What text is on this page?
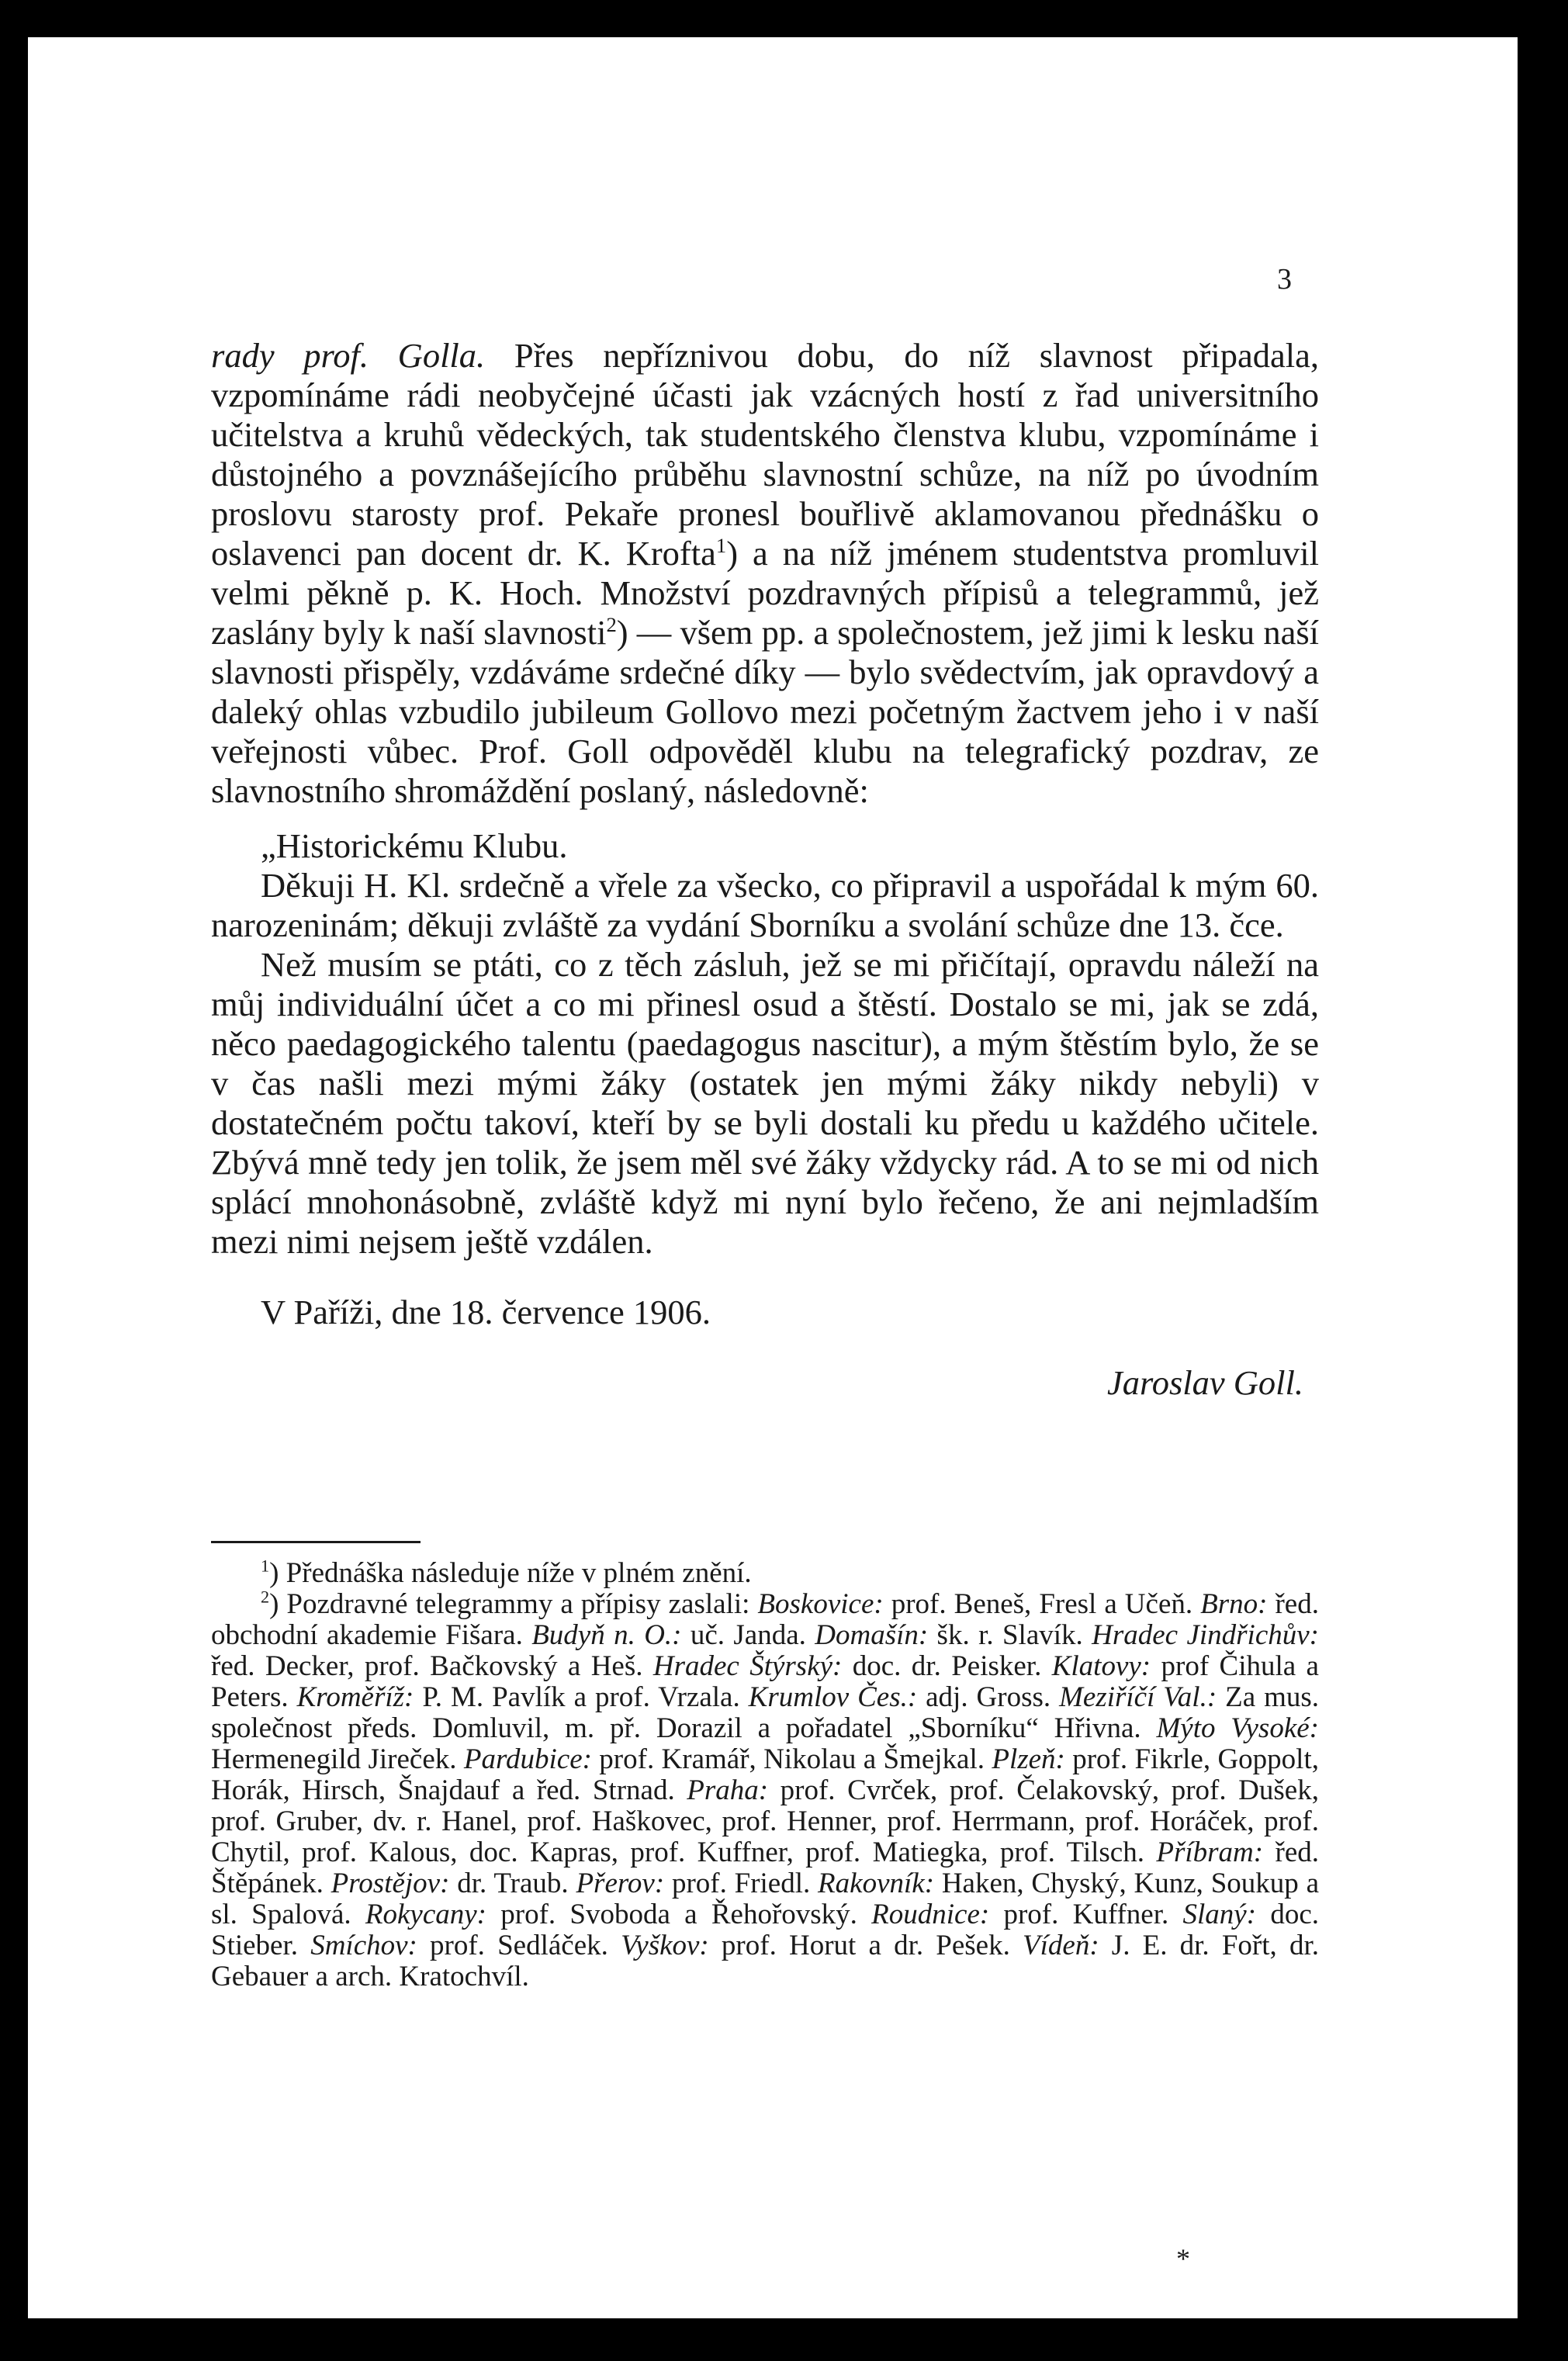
3

rady prof. Golla. Přes nepříznivou dobu, do níž slavnost připadala, vzpomínáme rádi neobyčejné účasti jak vzácných hostí z řad universitního učitelstva a kruhů vědeckých, tak studentského členstva klubu, vzpomínáme i důstojného a povznášejícího průběhu slavnostní schůze, na níž po úvodním proslovu starosty prof. Pekaře pronesl bouřlivě aklamovanou přednášku o oslavenci pan docent dr. K. Krofta$^1$) a na níž jménem studentstva promluvil velmi pěkně p. K. Hoch. Množství pozdravných přípisů a telegrammů, jež zaslány byly k naší slavnosti$^2$) — všem pp. a společnostem, jež jimi k lesku naší slavnosti přispěly, vzdáváme srdečné díky — bylo svědectvím, jak opravdový a daleký ohlas vzbudilo jubileum Gollovo mezi početným žactvem jeho i v naší veřejnosti vůbec. Prof. Goll odpověděl klubu na telegrafický pozdrav, ze slavnostního shromáždění poslaný, následovně:

„Historickému Klubu.

Děkuji H. Kl. srdečně a vřele za všecko, co připravil a uspořádal k mým 60. narozeninám; děkuji zvláště za vydání Sborníku a svolání schůze dne 13. čce.

Než musím se ptáti, co z těch zásluh, jež se mi přičítají, opravdu náleží na můj individuální účet a co mi přinesl osud a štěstí. Dostalo se mi, jak se zdá, něco paedagogického talentu (paedagogus nascitur), a mým štěstím bylo, že se v čas našli mezi mými žáky (ostatek jen mými žáky nikdy nebyli) v dostatečném počtu takoví, kteří by se byli dostali ku předu u každého učitele. Zbývá mně tedy jen tolik, že jsem měl své žáky vždycky rád. A to se mi od nich splácí mnohonásobně, zvláště když mi nyní bylo řečeno, že ani nejmladším mezi nimi nejsem ještě vzdálen.

V Paříži, dne 18. července 1906.

Jaroslav Goll.

$^1$) Přednáška následuje níže v plném znění.

$^2$) Pozdravné telegrammy a přípisy zaslali: Boskovice: prof. Beneš, Fresl a Učeň. Brno: řed. obchodní akademie Fišara. Budyň n. O.: uč. Janda. Domašín: šk. r. Slavík. Hradec Jindřichův: řed. Decker, prof. Bačkovský a Heš. Hradec Štýrský: doc. dr. Peisker. Klatovy: prof Čihula a Peters. Kroměříž: P. M. Pavlík a prof. Vrzala. Krumlov Čes.: adj. Gross. Meziříčí Val.: Za mus. společnost předs. Domluvil, m. př. Dorazil a pořadatel „Sborníku“ Hřivna. Mýto Vysoké: Hermenegild Jireček. Pardubice: prof. Kramář, Nikolau a Šmejkal. Plzeň: prof. Fikrle, Goppolt, Horák, Hirsch, Šnajdauf a řed. Strnad. Praha: prof. Cvrček, prof. Čelakovský, prof. Dušek, prof. Gruber, dv. r. Hanel, prof. Haškovec, prof. Henner, prof. Herrmann, prof. Horáček, prof. Chytil, prof. Kalous, doc. Kapras, prof. Kuffner, prof. Matiegka, prof. Tilsch. Příbram: řed. Štěpánek. Prostějov: dr. Traub. Přerov: prof. Friedl. Rakovník: Haken, Chyský, Kunz, Soukup a sl. Spalová. Rokycany: prof. Svoboda a Řehořovský. Roudnice: prof. Kuffner. Slaný: doc. Stieber. Smíchov: prof. Sedláček. Vyškov: prof. Horut a dr. Pešek. Vídeň: J. E. dr. Fořt, dr. Gebauer a arch. Kratochvíl.

*
